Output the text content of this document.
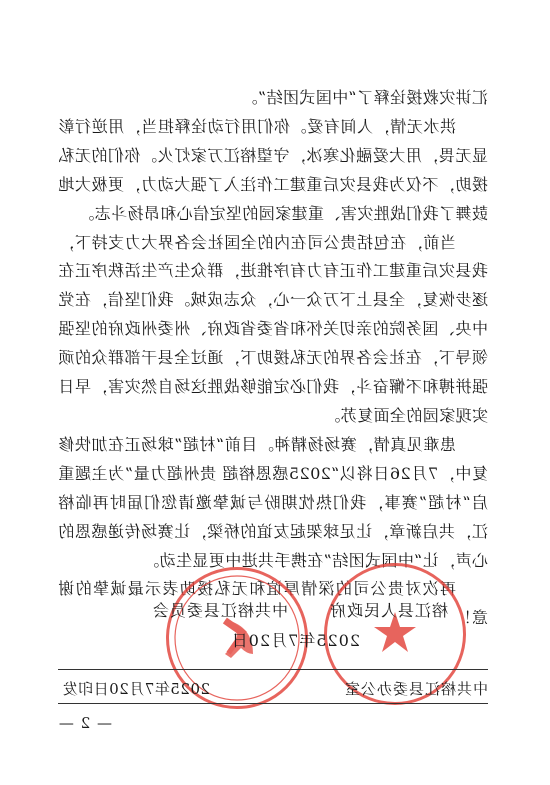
汇讲灾救援诠释了“中国式团结”。

洪水无情，人间有爱。你们用行动诠释担当，用逆行彰显无畏，用大爱融化寒冰，守望榕江万家灯火。你们的无私援助，不仅为我县灾后重建工作注入了强大动力，更极大地鼓舞了我们战胜灾害、重建家园的坚定信心和昂扬斗志。

当前，在包括贵公司在内的全国社会各界大力支持下，我县灾后重建工作正有力有序推进，群众生产生活秩序正在逐步恢复，全县上下万众一心，众志成城。我们坚信，在党中央、国务院的亲切关怀和省委省政府、州委州政府的坚强领导下，在社会各界的无私援助下，通过全县干部群众的顽强拼搏和不懈奋斗，我们必定能够战胜这场自然灾害，早日实现家园的全面复苏。

患难见真情，赛场扬精神。目前“村超”球场正在加快修复中，7月26日将以“2025感恩榕超 贵州超力量”为主题重启“村超”赛事，我们热忱期盼与诚挚邀请您们届时再临榕江，共启新章，让足球架起友谊的桥梁，让赛场传递感恩的心声，让“中国式团结”在携手共进中更显生动。

再次对贵公司的深情厚谊和无私援助表示最诚挚的谢意！

中共榕江县委员会	榕江县人民政府
2025年7月20日
中共榕江县委办公室
2025年7月20日印发
— 2 —
